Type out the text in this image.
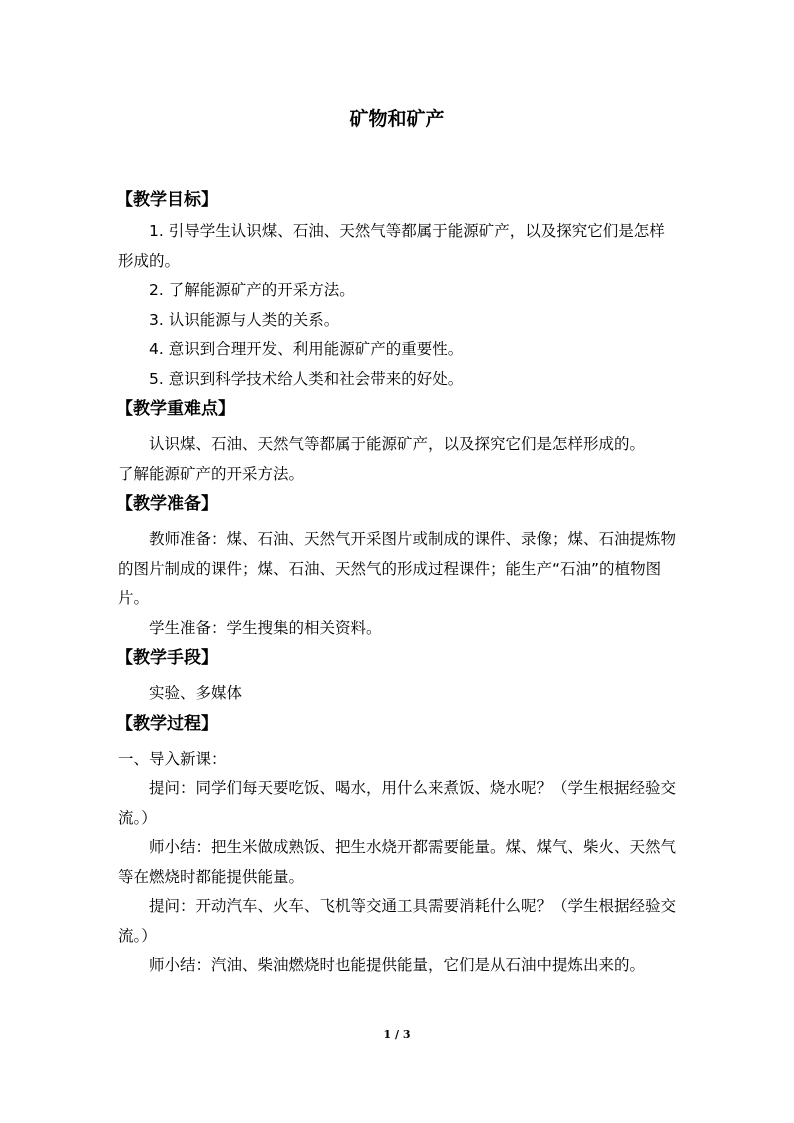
矿物和矿产
【教学目标】

1. 引导学生认识煤、石油、天然气等都属于能源矿产，以及探究它们是怎样形成的。

2. 了解能源矿产的开采方法。

3. 认识能源与人类的关系。

4. 意识到合理开发、利用能源矿产的重要性。

5. 意识到科学技术给人类和社会带来的好处。

【教学重难点】

认识煤、石油、天然气等都属于能源矿产，以及探究它们是怎样形成的。

了解能源矿产的开采方法。

【教学准备】

教师准备：煤、石油、天然气开采图片或制成的课件、录像；煤、石油提炼物的图片制成的课件；煤、石油、天然气的形成过程课件；能生产“石油”的植物图片。

学生准备：学生搜集的相关资料。

【教学手段】

实验、多媒体

【教学过程】

一、导入新课：

提问：同学们每天要吃饭、喝水，用什么来煮饭、烧水呢？（学生根据经验交流。）

师小结：把生米做成熟饭、把生水烧开都需要能量。煤、煤气、柴火、天然气等在燃烧时都能提供能量。

提问：开动汽车、火车、飞机等交通工具需要消耗什么呢？（学生根据经验交流。）

师小结：汽油、柴油燃烧时也能提供能量，它们是从石油中提炼出来的。

1 / 3
